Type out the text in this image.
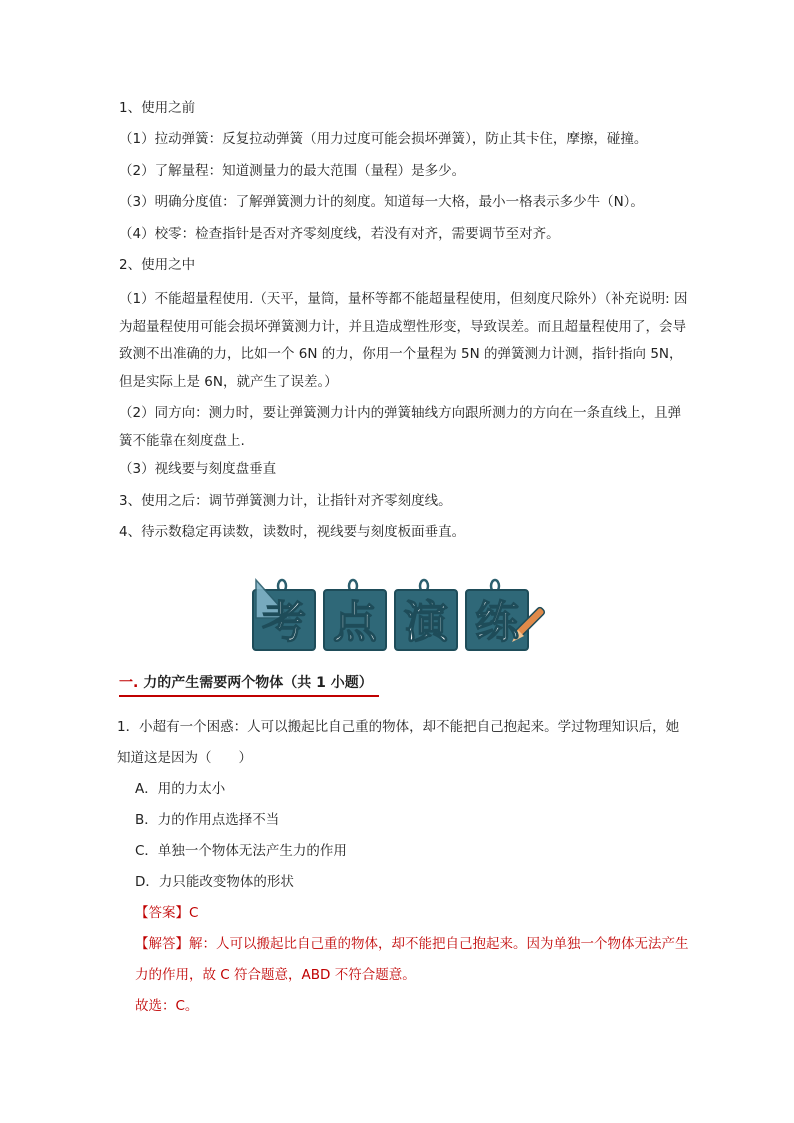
1、使用之前
（1）拉动弹簧：反复拉动弹簧（用力过度可能会损坏弹簧），防止其卡住，摩擦，碰撞。
（2）了解量程：知道测量力的最大范围（量程）是多少。
（3）明确分度值：了解弹簧测力计的刻度。知道每一大格，最小一格表示多少牛（N）。
（4）校零：检查指针是否对齐零刻度线，若没有对齐，需要调节至对齐。
2、使用之中
（1）不能超量程使用.（天平，量筒，量杯等都不能超量程使用，但刻度尺除外）（补充说明: 因为超量程使用可能会损坏弹簧测力计，并且造成塑性形变，导致误差。而且超量程使用了，会导致测不出准确的力，比如一个 6N 的力，你用一个量程为 5N 的弹簧测力计测，指针指向 5N，但是实际上是 6N，就产生了误差。）
（2）同方向：测力时，要让弹簧测力计内的弹簧轴线方向跟所测力的方向在一条直线上，且弹簧不能靠在刻度盘上.
（3）视线要与刻度盘垂直
3、使用之后：调节弹簧测力计，让指针对齐零刻度线。
4、待示数稳定再读数，读数时，视线要与刻度板面垂直。
考 点 演 练
一. 力的产生需要两个物体（共 1 小题）
1．小超有一个困惑：人可以搬起比自己重的物体，却不能把自己抱起来。学过物理知识后，她知道这是因为（　　）
A．用的力太小
B．力的作用点选择不当
C．单独一个物体无法产生力的作用
D．力只能改变物体的形状
【答案】C
【解答】解：人可以搬起比自己重的物体，却不能把自己抱起来。因为单独一个物体无法产生力的作用，故 C 符合题意，ABD 不符合题意。
故选：C。
